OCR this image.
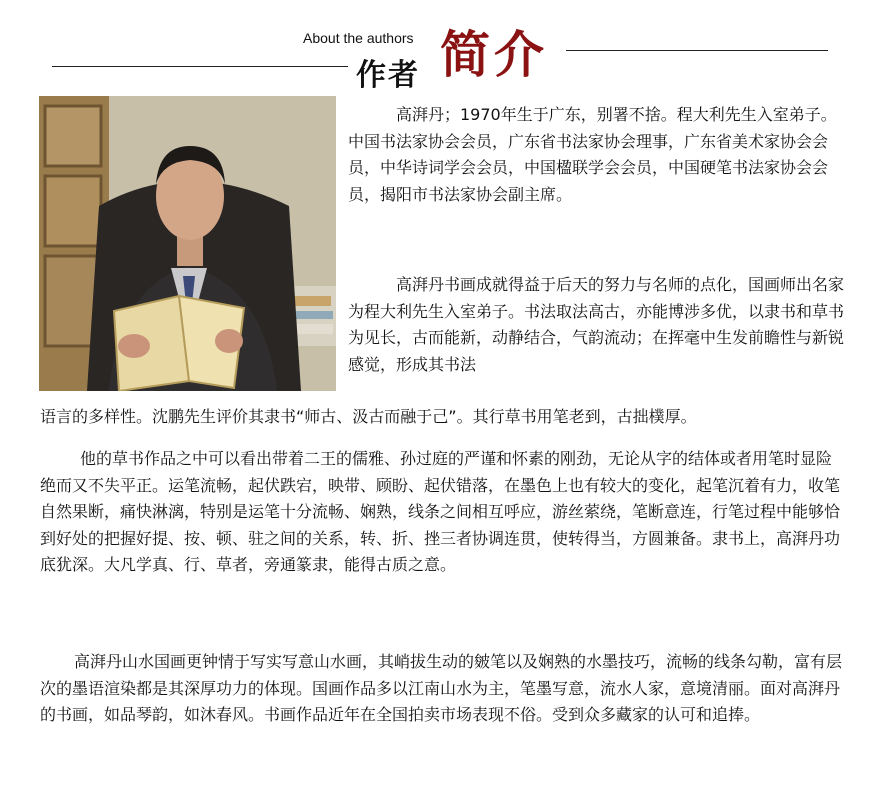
About the authors
作者 简介

高湃丹；1970年生于广东，别署不捨。程大利先生入室弟子。中国书法家协会会员，广东省书法家协会理事，广东省美术家协会会员，中华诗词学会会员，中国楹联学会会员，中国硬笔书法家协会会员，揭阳市书法家协会副主席。

高湃丹书画成就得益于后天的努力与名师的点化，国画师出名家为程大利先生入室弟子。书法取法高古，亦能博涉多优，以隶书和草书为见长，古而能新，动静结合，气韵流动；在挥毫中生发前瞻性与新锐感觉，形成其书法

语言的多样性。沈鹏先生评价其隶书“师古、汲古而融于己”。其行草书用笔老到，古拙樸厚。

他的草书作品之中可以看出带着二王的儒雅、孙过庭的严谨和怀素的刚劲，无论从字的结体或者用笔时显险绝而又不失平正。运笔流畅，起伏跌宕，映带、顾盼、起伏错落，在墨色上也有较大的变化，起笔沉着有力，收笔自然果断，痛快淋漓，特别是运笔十分流畅、娴熟，线条之间相互呼应，游丝萦绕，笔断意连，行笔过程中能够恰到好处的把握好提、按、顿、驻之间的关系，转、折、挫三者协调连贯，使转得当，方圆兼备。隶书上，高湃丹功底犹深。大凡学真、行、草者，旁通篆隶，能得古质之意。

高湃丹山水国画更钟情于写实写意山水画，其峭拔生动的皴笔以及娴熟的水墨技巧，流畅的线条勾勒，富有层次的墨语渲染都是其深厚功力的体现。国画作品多以江南山水为主，笔墨写意，流水人家，意境清丽。面对高湃丹的书画，如品琴韵，如沐春风。书画作品近年在全国拍卖市场表现不俗。受到众多藏家的认可和追捧。
